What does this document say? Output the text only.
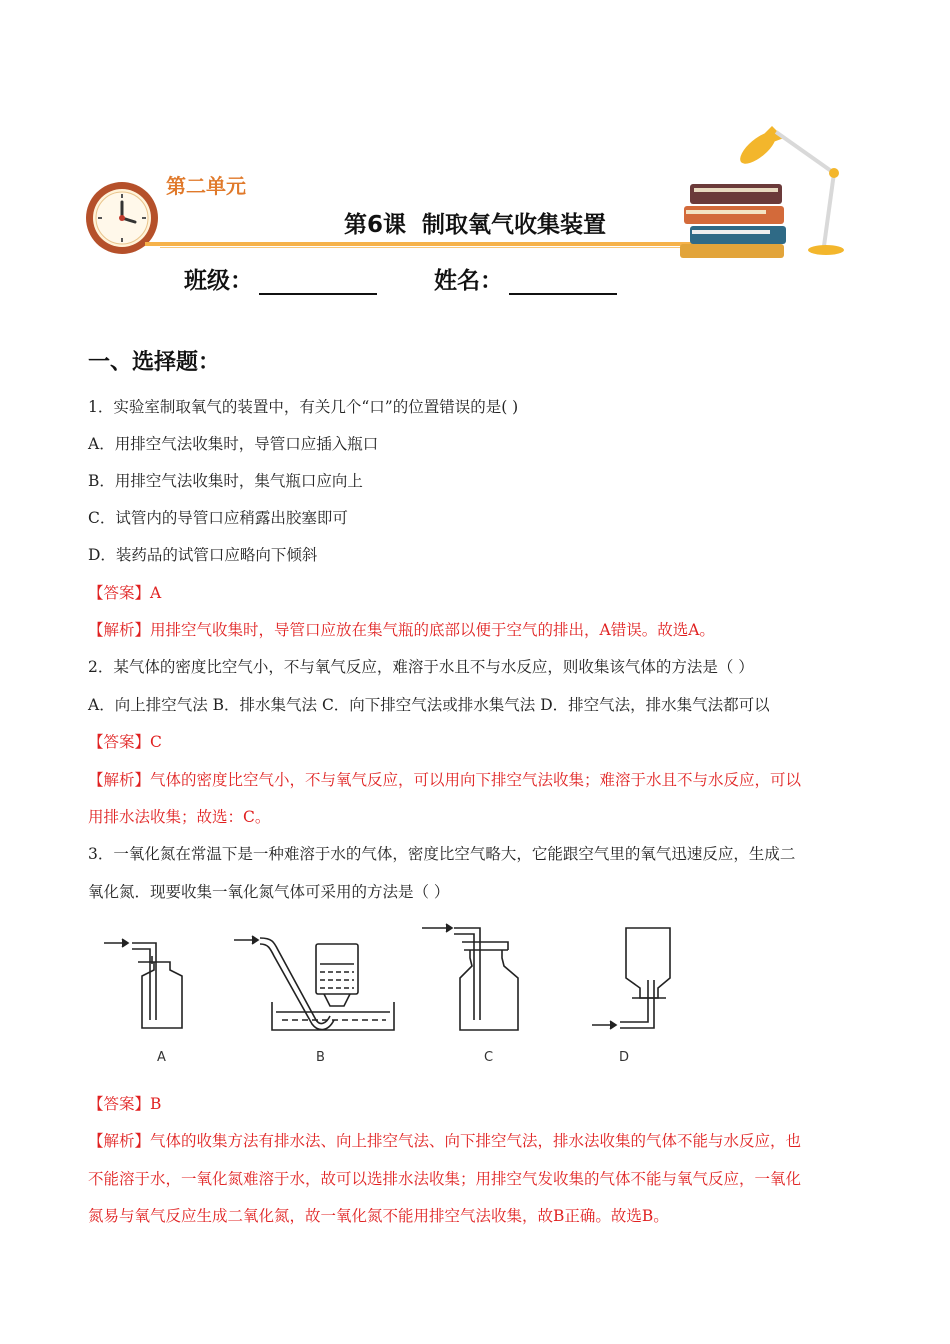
第二单元
第6课  制取氧气收集装置
班级：	姓名：
一、选择题：
1．实验室制取氧气的装置中，有关几个“口”的位置错误的是( )
A．用排空气法收集时，导管口应插入瓶口
B．用排空气法收集时，集气瓶口应向上
C．试管内的导管口应稍露出胶塞即可
D．装药品的试管口应略向下倾斜
【答案】A
【解析】用排空气收集时，导管口应放在集气瓶的底部以便于空气的排出，A错误。故选A。
2．某气体的密度比空气小，不与氧气反应，难溶于水且不与水反应，则收集该气体的方法是（ ）
A．向上排空气法 B．排水集气法 C．向下排空气法或排水集气法 D．排空气法，排水集气法都可以
【答案】C
【解析】气体的密度比空气小，不与氧气反应，可以用向下排空气法收集；难溶于水且不与水反应，可以
用排水法收集；故选：C。
3．一氧化氮在常温下是一种难溶于水的气体，密度比空气略大，它能跟空气里的氧气迅速反应，生成二
氧化氮．现要收集一氧化氮气体可采用的方法是（ ）
A	B	C	D
【答案】B
【解析】气体的收集方法有排水法、向上排空气法、向下排空气法，排水法收集的气体不能与水反应，也
不能溶于水，一氧化氮难溶于水，故可以选排水法收集；用排空气发收集的气体不能与氧气反应，一氧化
氮易与氧气反应生成二氧化氮，故一氧化氮不能用排空气法收集，故B正确。故选B。
